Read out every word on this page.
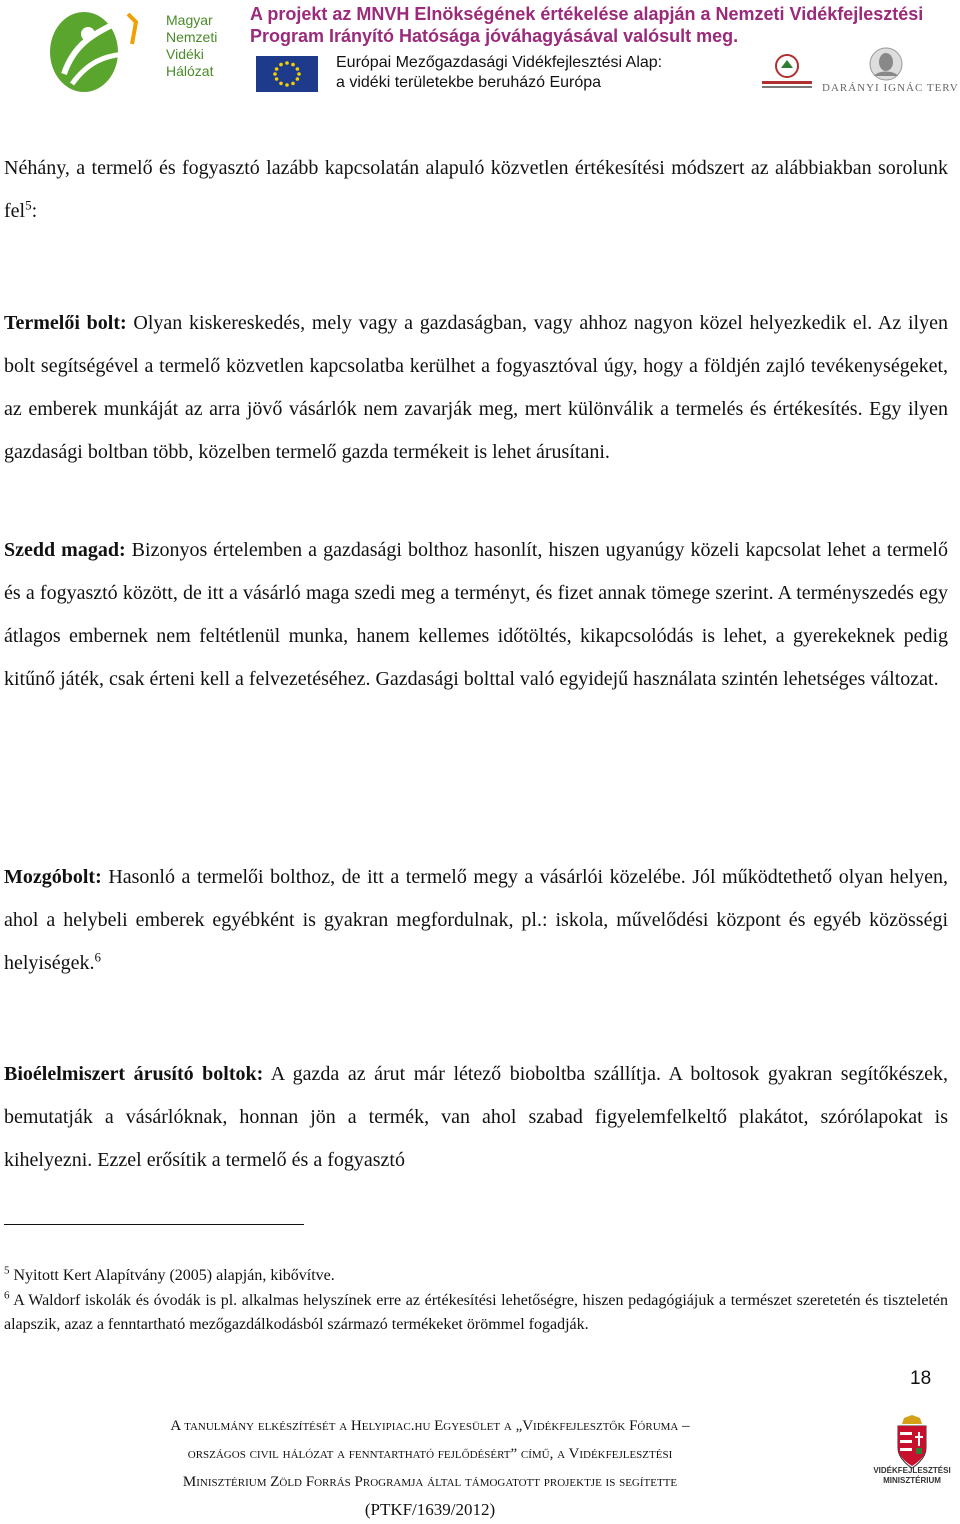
Magyar
Nemzeti
Vidéki
Hálózat
A projekt az MNVH Elnökségének értékelése alapján a Nemzeti Vidékfejlesztési
Program Irányító Hatósága jóváhagyásával valósult meg.
Európai Mezőgazdasági Vidékfejlesztési Alap:
a vidéki területekbe beruházó Európa	DARÁNYI IGNÁC TERV

Néhány, a termelő és fogyasztó lazább kapcsolatán alapuló közvetlen értékesítési módszert az alábbiakban sorolunk fel$^5$:

Termelői bolt: Olyan kiskereskedés, mely vagy a gazdaságban, vagy ahhoz nagyon közel helyezkedik el. Az ilyen bolt segítségével a termelő közvetlen kapcsolatba kerülhet a fogyasztóval úgy, hogy a földjén zajló tevékenységeket, az emberek munkáját az arra jövő vásárlók nem zavarják meg, mert különválik a termelés és értékesítés. Egy ilyen gazdasági boltban több, közelben termelő gazda termékeit is lehet árusítani.

Szedd magad: Bizonyos értelemben a gazdasági bolthoz hasonlít, hiszen ugyanúgy közeli kapcsolat lehet a termelő és a fogyasztó között, de itt a vásárló maga szedi meg a terményt, és fizet annak tömege szerint. A terményszedés egy átlagos embernek nem feltétlenül munka, hanem kellemes időtöltés, kikapcsolódás is lehet, a gyerekeknek pedig kitűnő játék, csak érteni kell a felvezetéséhez. Gazdasági bolttal való egyidejű használata szintén lehetséges változat.

Mozgóbolt: Hasonló a termelői bolthoz, de itt a termelő megy a vásárlói közelébe. Jól működtethető olyan helyen, ahol a helybeli emberek egyébként is gyakran megfordulnak, pl.: iskola, művelődési központ és egyéb közösségi helyiségek.$^6$

Bioélelmiszert árusító boltok: A gazda az árut már létező bioboltba szállítja. A boltosok gyakran segítőkészek, bemutatják a vásárlóknak, honnan jön a termék, van ahol szabad figyelemfelkeltő plakátot, szórólapokat is kihelyezni. Ezzel erősítik a termelő és a fogyasztó

$^5$ Nyitott Kert Alapítvány (2005) alapján, kibővítve.

$^6$ A Waldorf iskolák és óvodák is pl. alkalmas helyszínek erre az értékesítési lehetőségre, hiszen pedagógiájuk a természet szeretetén és tiszteletén alapszik, azaz a fenntartható mezőgazdálkodásból származó termékeket örömmel fogadják.

18
A tanulmány elkészítését a Helyipiac.hu Egyesület a „Vidékfejlesztők Fóruma –
országos civil hálózat a fenntartható fejlődésért” című, a Vidékfejlesztési
Minisztérium Zöld Forrás Programja által támogatott projektje is segítette
(PTKF/1639/2012)
VIDÉKFEJLESZTÉSI MINISZTÉRIUM
